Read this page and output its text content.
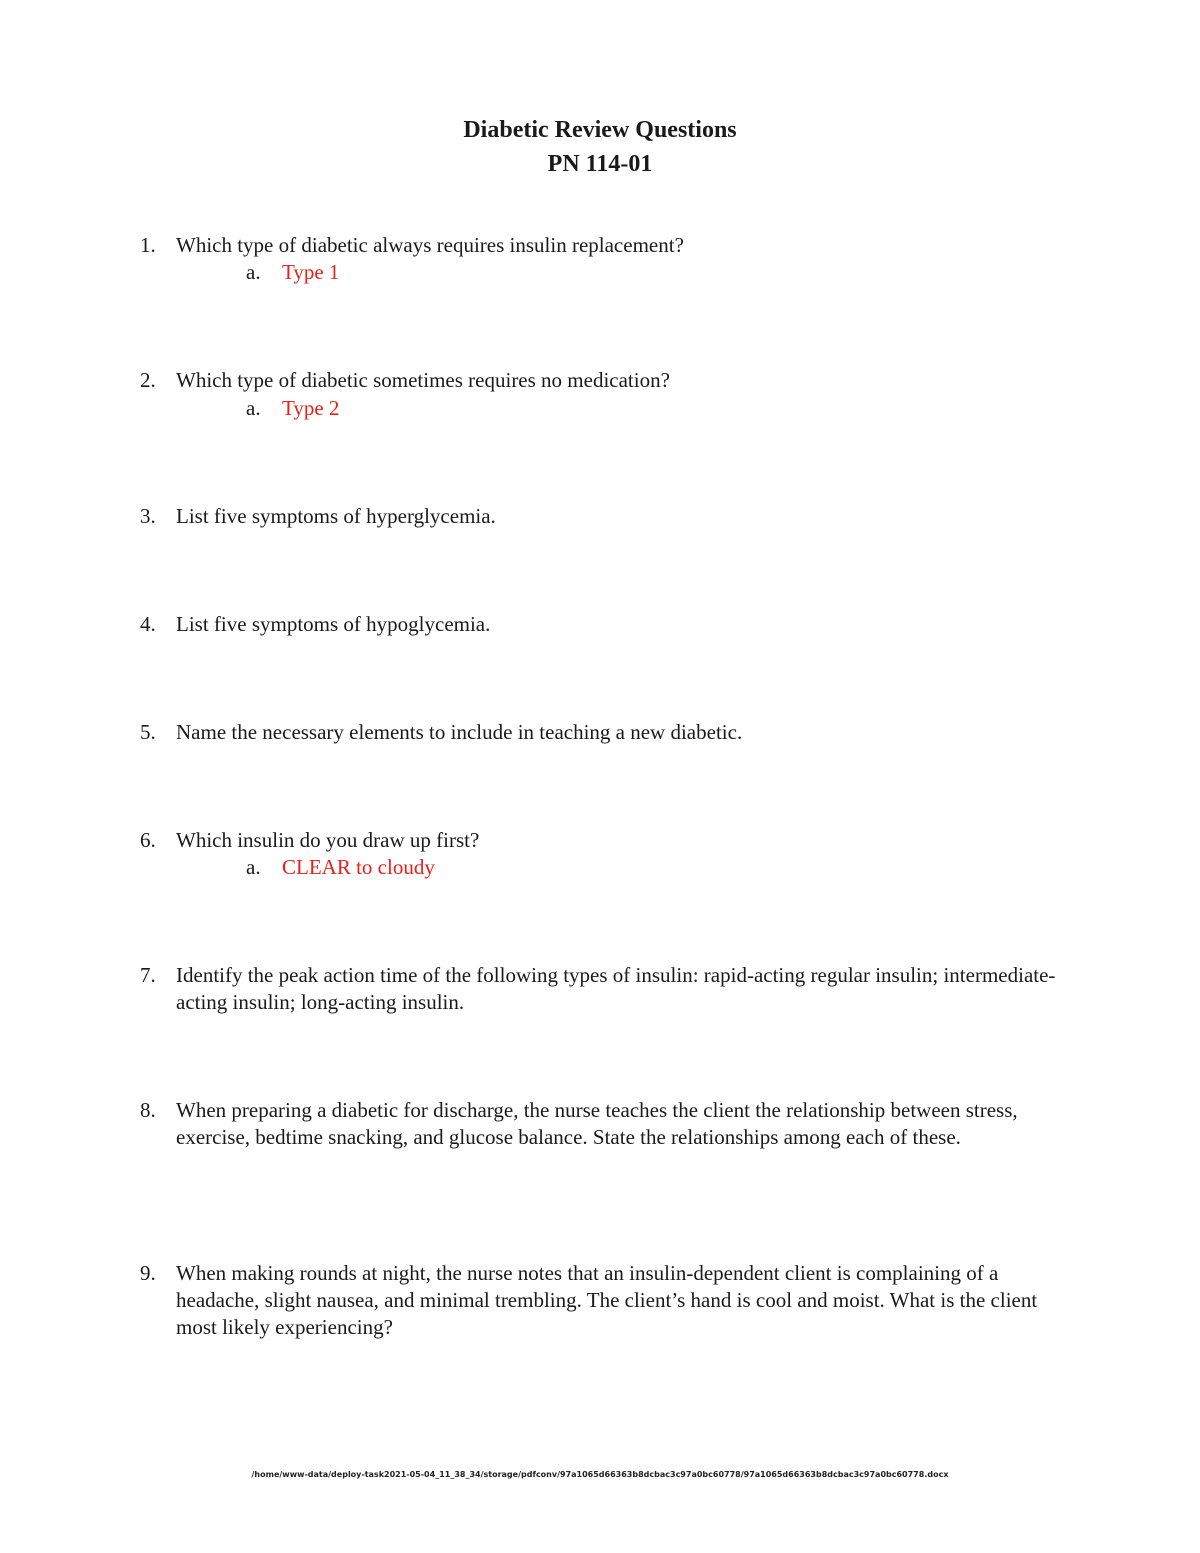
Diabetic Review Questions
PN 114-01
1. Which type of diabetic always requires insulin replacement?
a. Type 1
2. Which type of diabetic sometimes requires no medication?
a. Type 2
3. List five symptoms of hyperglycemia.
4. List five symptoms of hypoglycemia.
5. Name the necessary elements to include in teaching a new diabetic.
6. Which insulin do you draw up first?
a. CLEAR to cloudy
7. Identify the peak action time of the following types of insulin: rapid-acting regular insulin; intermediate-acting insulin; long-acting insulin.
8. When preparing a diabetic for discharge, the nurse teaches the client the relationship between stress, exercise, bedtime snacking, and glucose balance. State the relationships among each of these.
9. When making rounds at night, the nurse notes that an insulin-dependent client is complaining of a headache, slight nausea, and minimal trembling. The client’s hand is cool and moist. What is the client most likely experiencing?
/home/www-data/deploy-task2021-05-04_11_38_34/storage/pdfconv/97a1065d66363b8dcbac3c97a0bc60778/97a1065d66363b8dcbac3c97a0bc60778.docx
